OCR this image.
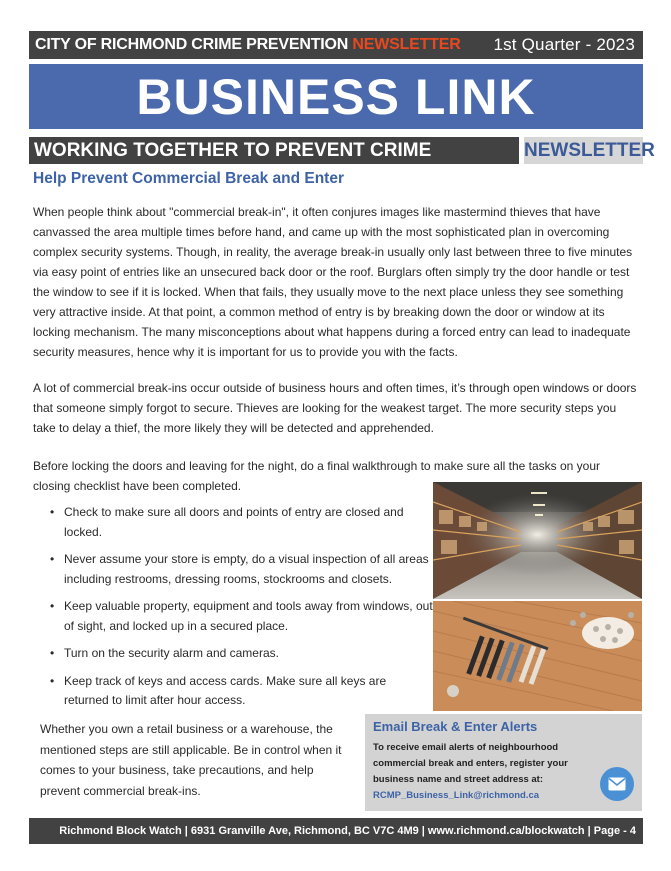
CITY OF RICHMOND CRIME PREVENTION NEWSLETTER 1st Quarter - 2023
BUSINESS LINK
WORKING TOGETHER TO PREVENT CRIME	NEWSLETTER
Help Prevent Commercial Break and Enter
When people think about "commercial break-in", it often conjures images like mastermind thieves that have canvassed the area multiple times before hand, and came up with the most sophisticated plan in overcoming complex security systems. Though, in reality, the average break-in usually only last between three to five minutes via easy point of entries like an unsecured back door or the roof. Burglars often simply try the door handle or test the window to see if it is locked. When that fails, they usually move to the next place unless they see something very attractive inside. At that point, a common method of entry is by breaking down the door or window at its locking mechanism. The many misconceptions about what happens during a forced entry can lead to inadequate security measures, hence why it is important for us to provide you with the facts.
A lot of commercial break-ins occur outside of business hours and often times, it’s through open windows or doors that someone simply forgot to secure. Thieves are looking for the weakest target. The more security steps you take to delay a thief, the more likely they will be detected and apprehended.
Before locking the doors and leaving for the night, do a final walkthrough to make sure all the tasks on your closing checklist have been completed.
• Check to make sure all doors and points of entry are closed and locked.
• Never assume your store is empty, do a visual inspection of all areas including restrooms, dressing rooms, stockrooms and closets.
• Keep valuable property, equipment and tools away from windows, out of sight, and locked up in a secured place.
• Turn on the security alarm and cameras.
• Keep track of keys and access cards. Make sure all keys are returned to limit after hour access.
Whether you own a retail business or a warehouse, the mentioned steps are still applicable. Be in control when it comes to your business, take precautions, and help prevent commercial break-ins.
Email Break & Enter Alerts
To receive email alerts of neighbourhood commercial break and enters, register your business name and street address at:
RCMP_Business_Link@richmond.ca
Richmond Block Watch | 6931 Granville Ave, Richmond, BC V7C 4M9 | www.richmond.ca/blockwatch | Page - 4
